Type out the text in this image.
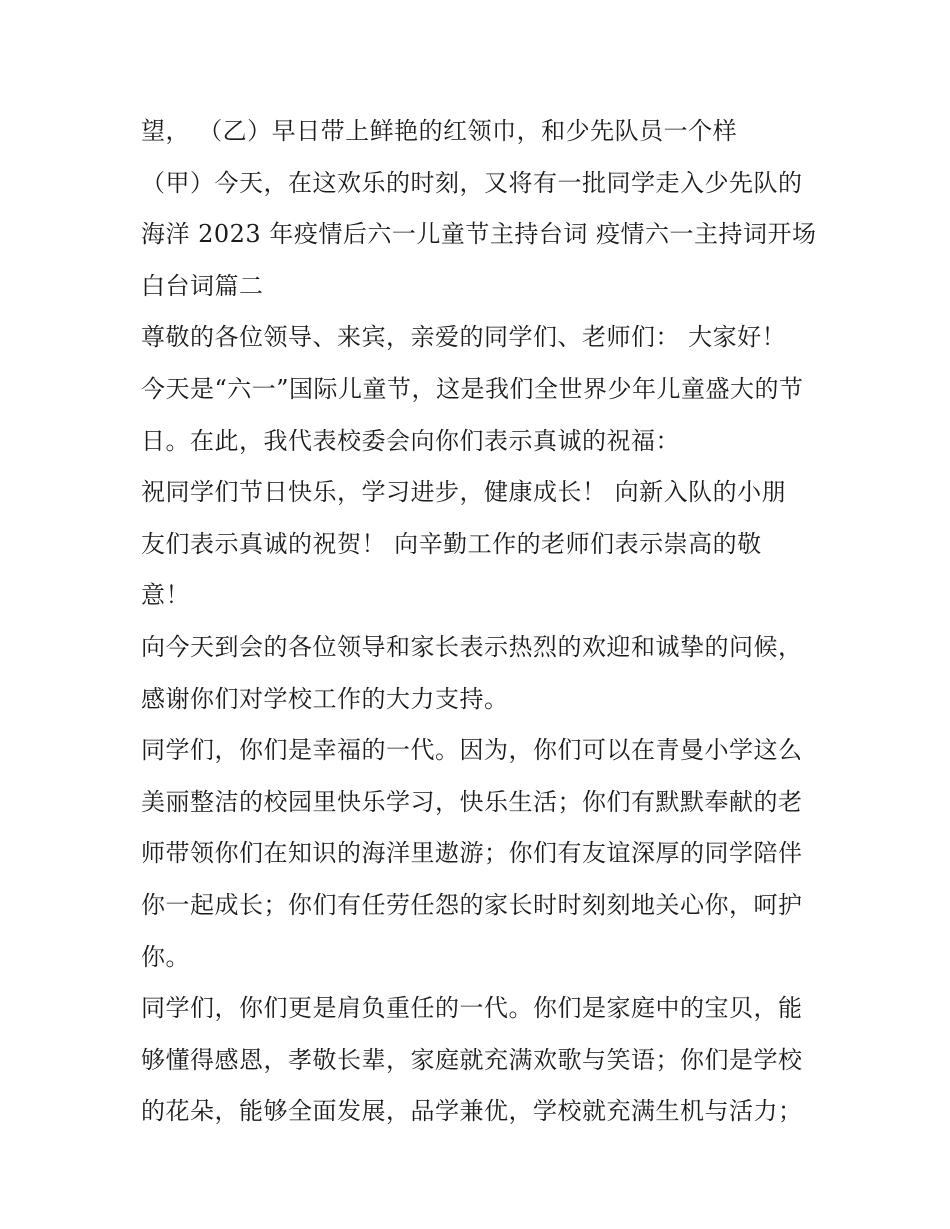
望， （乙）早日带上鲜艳的红领巾，和少先队员一个样
（甲）今天，在这欢乐的时刻，又将有一批同学走入少先队的
海洋 2023 年疫情后六一儿童节主持台词 疫情六一主持词开场
白台词篇二
尊敬的各位领导、来宾，亲爱的同学们、老师们： 大家好！
今天是“六一”国际儿童节，这是我们全世界少年儿童盛大的节
日。在此，我代表校委会向你们表示真诚的祝福：
祝同学们节日快乐，学习进步，健康成长！ 向新入队的小朋
友们表示真诚的祝贺！ 向辛勤工作的老师们表示崇高的敬
意！
向今天到会的各位领导和家长表示热烈的欢迎和诚挚的问候，
感谢你们对学校工作的大力支持。
同学们，你们是幸福的一代。因为，你们可以在青曼小学这么
美丽整洁的校园里快乐学习，快乐生活；你们有默默奉献的老
师带领你们在知识的海洋里遨游；你们有友谊深厚的同学陪伴
你一起成长；你们有任劳任怨的家长时时刻刻地关心你，呵护
你。
同学们，你们更是肩负重任的一代。你们是家庭中的宝贝，能
够懂得感恩，孝敬长辈，家庭就充满欢歌与笑语；你们是学校
的花朵，能够全面发展，品学兼优，学校就充满生机与活力；
